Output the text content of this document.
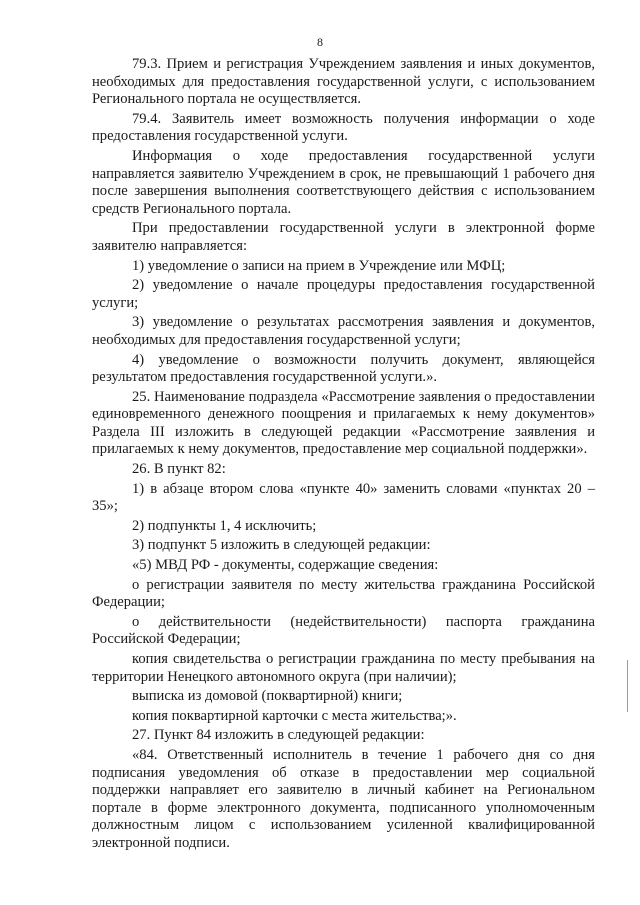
8

79.3. Прием и регистрация Учреждением заявления и иных документов, необходимых для предоставления государственной услуги, с использованием Регионального портала не осуществляется.

79.4. Заявитель имеет возможность получения информации о ходе предоставления государственной услуги.

Информация о ходе предоставления государственной услуги направляется заявителю Учреждением в срок, не превышающий 1 рабочего дня после завершения выполнения соответствующего действия с использованием средств Регионального портала.

При предоставлении государственной услуги в электронной форме заявителю направляется:

1) уведомление о записи на прием в Учреждение или МФЦ;

2) уведомление о начале процедуры предоставления государственной услуги;

3) уведомление о результатах рассмотрения заявления и документов, необходимых для предоставления государственной услуги;

4) уведомление о возможности получить документ, являющейся результатом предоставления государственной услуги.».

25. Наименование подраздела «Рассмотрение заявления о предоставлении единовременного денежного поощрения и прилагаемых к нему документов» Раздела III изложить в следующей редакции «Рассмотрение заявления и прилагаемых к нему документов, предоставление мер социальной поддержки».

26. В пункт 82:

1) в абзаце втором слова «пункте 40» заменить словами «пунктах 20 – 35»;

2) подпункты 1, 4 исключить;

3) подпункт 5 изложить в следующей редакции:

«5) МВД РФ - документы, содержащие сведения:

о регистрации заявителя по месту жительства гражданина Российской Федерации;

о действительности (недействительности) паспорта гражданина Российской Федерации;

копия свидетельства о регистрации гражданина по месту пребывания на территории Ненецкого автономного округа (при наличии);

выписка из домовой (поквартирной) книги;

копия поквартирной карточки с места жительства;».

27. Пункт 84 изложить в следующей редакции:

«84. Ответственный исполнитель в течение 1 рабочего дня со дня подписания уведомления об отказе в предоставлении мер социальной поддержки направляет его заявителю в личный кабинет на Региональном портале в форме электронного документа, подписанного уполномоченным должностным лицом с использованием усиленной квалифицированной электронной подписи.
